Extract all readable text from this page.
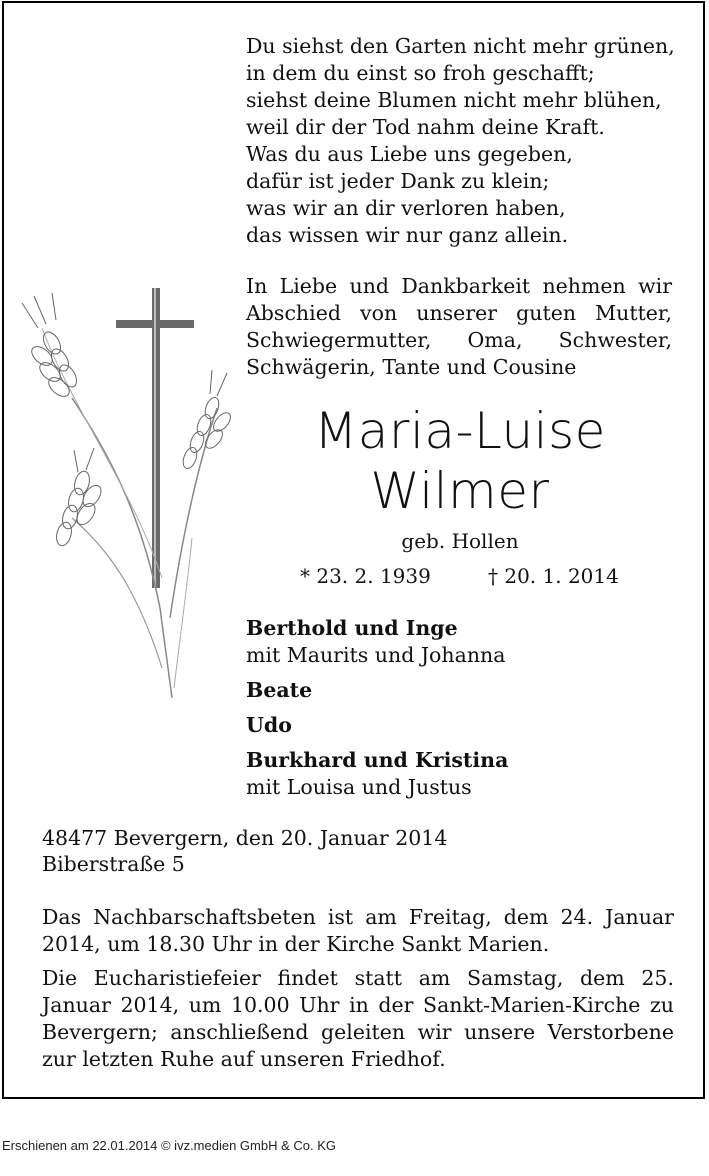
Du siehst den Garten nicht mehr grünen,
in dem du einst so froh geschafft;
siehst deine Blumen nicht mehr blühen,
weil dir der Tod nahm deine Kraft.
Was du aus Liebe uns gegeben,
dafür ist jeder Dank zu klein;
was wir an dir verloren haben,
das wissen wir nur ganz allein.
In Liebe und Dankbarkeit nehmen wir Abschied von unserer guten Mutter, Schwiegermutter, Oma, Schwester, Schwägerin, Tante und Cousine
Maria-Luise
Wilmer
geb. Hollen
* 23. 2. 1939	† 20. 1. 2014
Berthold und Inge
mit Maurits und Johanna
Beate
Udo
Burkhard und Kristina
mit Louisa und Justus
48477 Bevergern, den 20. Januar 2014
Biberstraße 5
Das Nachbarschaftsbeten ist am Freitag, dem 24. Januar 2014, um 18.30 Uhr in der Kirche Sankt Marien.
Die Eucharistiefeier findet statt am Samstag, dem 25. Januar 2014, um 10.00 Uhr in der Sankt-Marien-Kirche zu Bevergern; anschließend geleiten wir unsere Verstorbene zur letzten Ruhe auf unseren Friedhof.
Erschienen am 22.01.2014 © ivz.medien GmbH & Co. KG
